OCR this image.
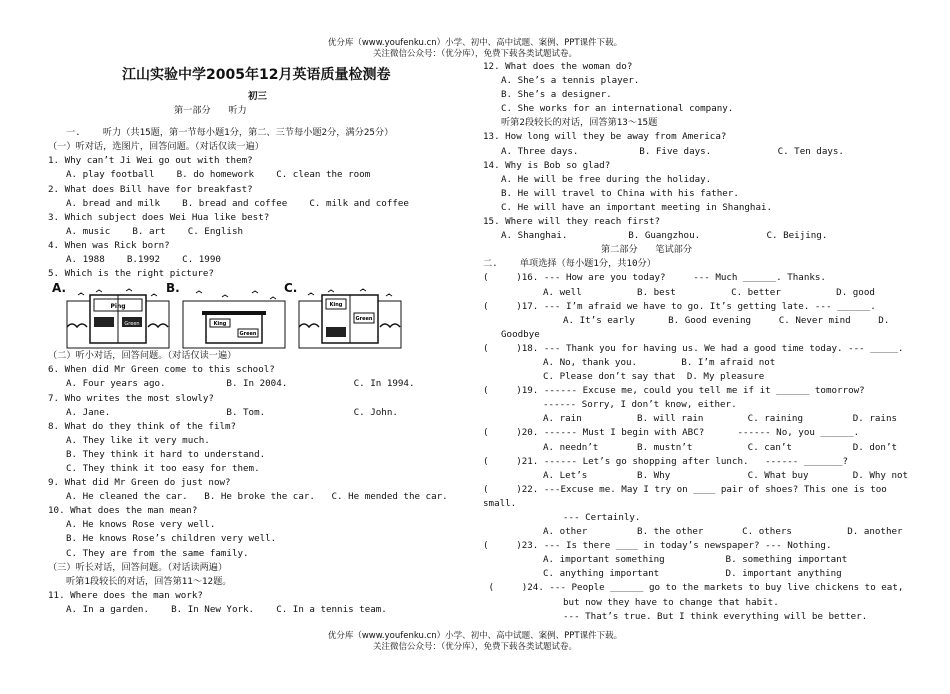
优分库（www.youfenku.cn）小学、初中、高中试题、案例、PPT课件下载。
关注微信公众号：（优分库），免费下载各类试题试卷。
江山实验中学2005年12月英语质量检测卷
初三
第一部分      听力
一.    听力（共15题，第一节每小题1分，第二、三节每小题2分，满分25分）
（一）听对话，选图片，回答问题。（对话仅读一遍）
1. Why can’t Ji Wei go out with them?
A. play football    B. do homework    C. clean the room
2. What does Bill have for breakfast?
A. bread and milk    B. bread and coffee    C. milk and coffee
3. Which subject does Wei Hua like best?
A. music    B. art    C. English
4. When was Rick born?
A. 1988    B.1992    C. 1990
5. Which is the right picture?
A.
Ping
Green
B.
King
Green
C.
King
Green
（二）听小对话，回答问题。（对话仅读一遍）
6. When did Mr Green come to this school?
A. Four years ago.           B. In 2004.            C. In 1994.
7. Who writes the most slowly?
A. Jane.                     B. Tom.                C. John.
8. What do they think of the film?
A. They like it very much.
B. They think it hard to understand.
C. They think it too easy for them.
9. What did Mr Green do just now?
A. He cleaned the car.   B. He broke the car.   C. He mended the car.
10. What does the man mean?
A. He knows Rose very well.
B. He knows Rose’s children very well.
C. They are from the same family.
（三）听长对话，回答问题。（对话读两遍）
听第1段较长的对话，回答第11～12题。
11. Where does the man work?
A. In a garden.    B. In New York.    C. In a tennis team.
12. What does the woman do?
A. She’s a tennis player.
B. She’s a designer.
C. She works for an international company.
听第2段较长的对话，回答第13～15题
13. How long will they be away from America?
A. Three days.           B. Five days.            C. Ten days.
14. Why is Bob so glad?
A. He will be free during the holiday.
B. He will travel to China with his father.
C. He will have an important meeting in Shanghai.
15. Where will they reach first?
A. Shanghai.           B. Guangzhou.            C. Beijing.
第二部分      笔试部分
二.    单项选择（每小题1分，共10分）
(     )16. --- How are you today?     --- Much ______. Thanks.
A. well          B. best          C. better          D. good
(     )17. --- I’m afraid we have to go. It’s getting late. --- ______.
A. It’s early      B. Good evening     C. Never mind     D.
Goodbye
(     )18. --- Thank you for having us. We had a good time today. --- _____.
A. No, thank you.        B. I’m afraid not
C. Please don’t say that  D. My pleasure
(     )19. ------ Excuse me, could you tell me if it ______ tomorrow?
------ Sorry, I don’t know, either.
A. rain          B. will rain        C. raining         D. rains
(     )20. ------ Must I begin with ABC?      ------ No, you ______.
A. needn’t       B. mustn’t          C. can’t           D. don’t
(     )21. ------ Let’s go shopping after lunch.   ------ _______?
A. Let’s         B. Why              C. What buy        D. Why not
(     )22. ---Excuse me. May I try on ____ pair of shoes? This one is too
small.
--- Certainly.
A. other         B. the other       C. others          D. another
(     )23. --- Is there ____ in today’s newspaper? --- Nothing.
A. important something           B. something important
C. anything important            D. important anything
(     )24. --- People ______ go to the markets to buy live chickens to eat,
but now they have to change that habit.
--- That’s true. But I think everything will be better.
优分库（www.youfenku.cn）小学、初中、高中试题、案例、PPT课件下载。
关注微信公众号：（优分库），免费下载各类试题试卷。
